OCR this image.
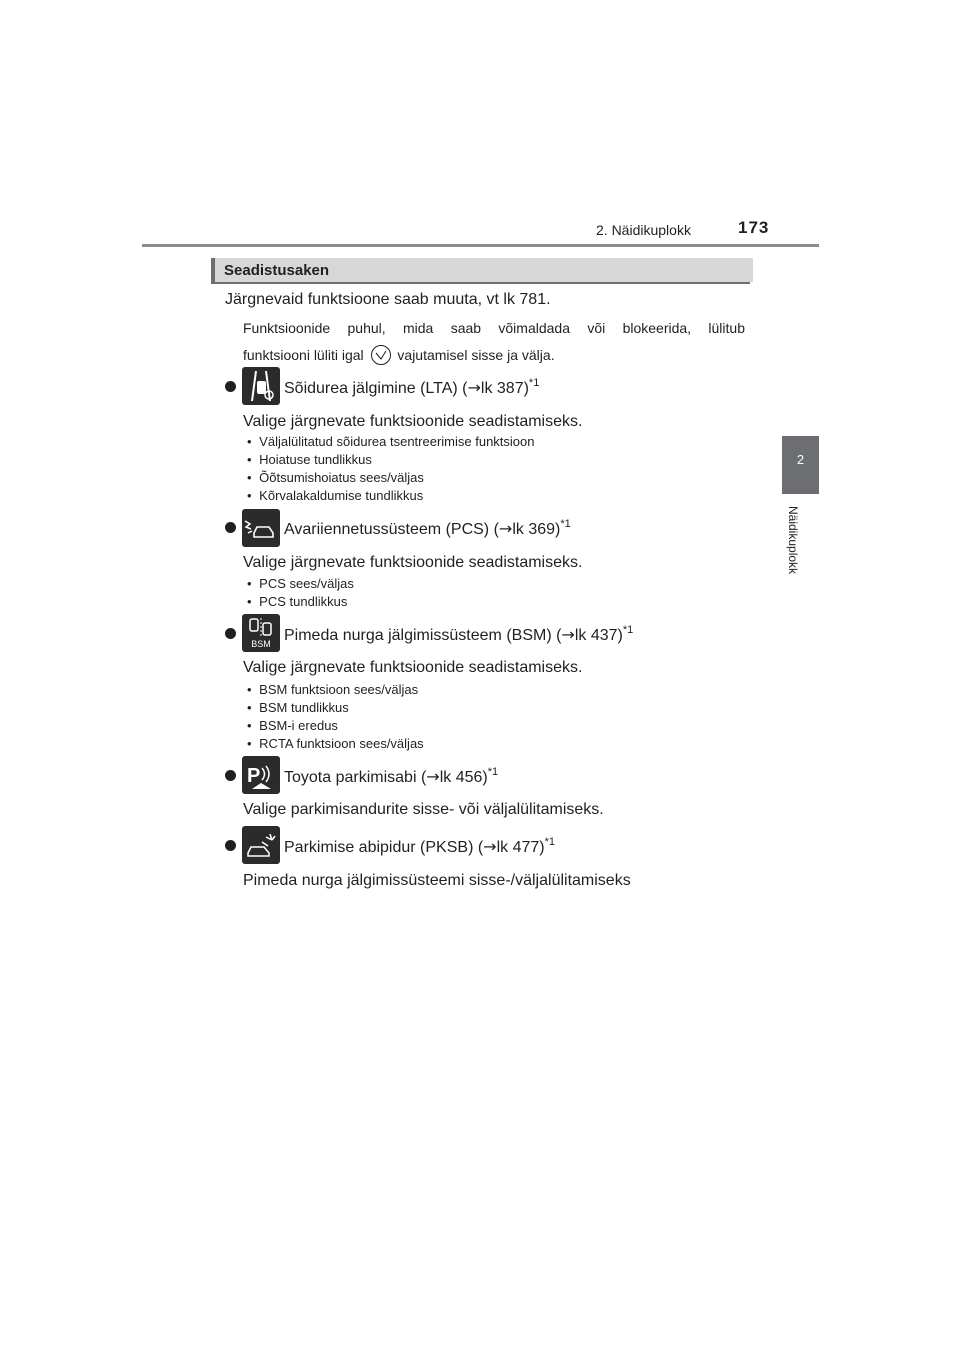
2. Näidikuplokk	173
2
Näidikuplokk
Seadistusaken
Järgnevaid funktsioone saab muuta, vt lk 781.
Funktsioonide puhul, mida saab võimaldada või blokeerida, lülitub
funktsiooni lüliti igal vajutamisel sisse ja välja.
Sõidurea jälgimine (LTA) (→lk 387)$^{*1}$
Valige järgnevate funktsioonide seadistamiseks.
• Väljalülitatud sõidurea tsentreerimise funktsioon
• Hoiatuse tundlikkus
• Õõtsumishoiatus sees/väljas
• Kõrvalakaldumise tundlikkus
Avariiennetussüsteem (PCS) (→lk 369)$^{*1}$
Valige järgnevate funktsioonide seadistamiseks.
• PCS sees/väljas
• PCS tundlikkus
BSM Pimeda nurga jälgimissüsteem (BSM) (→lk 437)$^{*1}$
Valige järgnevate funktsioonide seadistamiseks.
• BSM funktsioon sees/väljas
• BSM tundlikkus
• BSM-i eredus
• RCTA funktsioon sees/väljas
P Toyota parkimisabi (→lk 456)$^{*1}$
Valige parkimisandurite sisse- või väljalülitamiseks.
Parkimise abipidur (PKSB) (→lk 477)$^{*1}$
Pimeda nurga jälgimissüsteemi sisse-/väljalülitamiseks
